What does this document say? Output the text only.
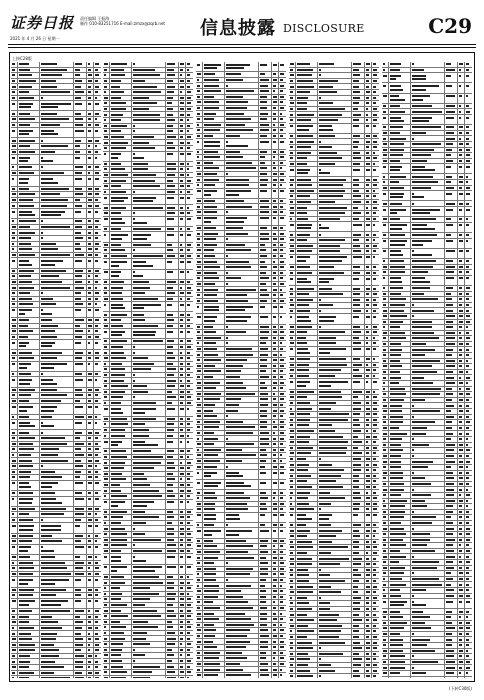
证券日报 责任编辑 王振海
制作 010-83251716 E-mail:zmzx@zqrb.net
2021 年 4 月 26 日 星期一	信息披露 DISCLOSURE	C29
上接C28版
(下转C30版)
